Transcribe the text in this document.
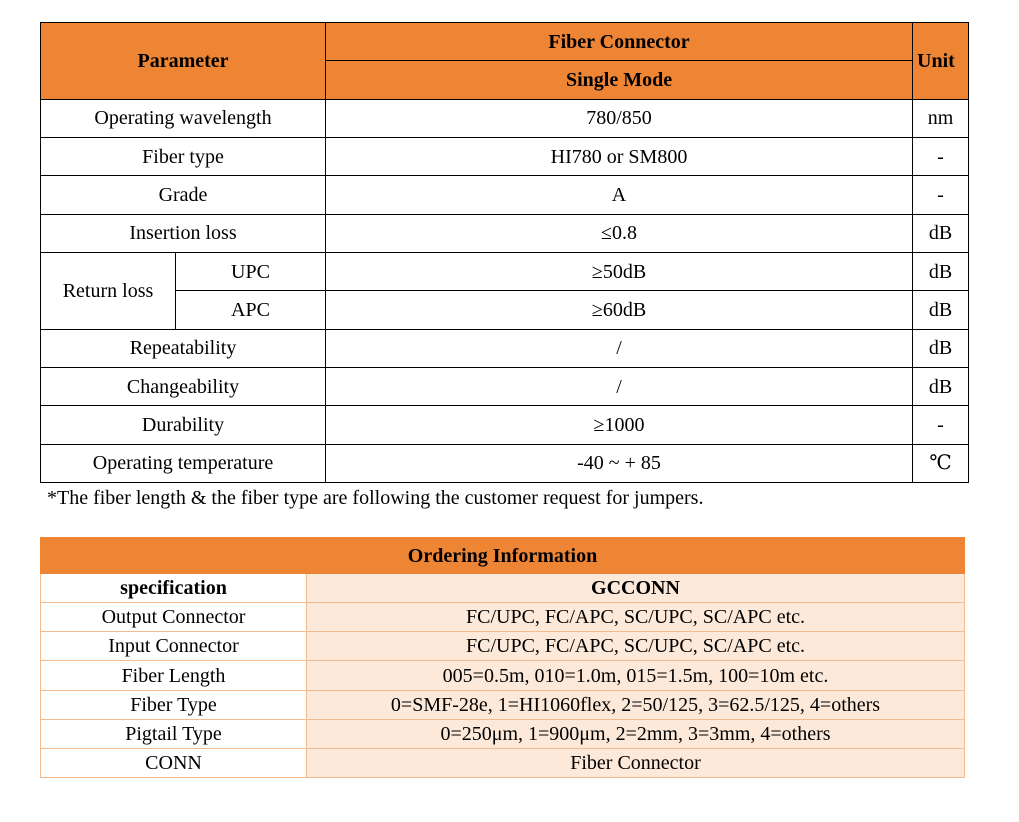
Parameter		Fiber Connector	Unit
		Single Mode	
Operating wavelength		780/850	nm
Fiber type		HI780 or SM800	-
Grade		A	-
Insertion loss		≤0.8	dB
Return loss	UPC	≥50dB	dB
	APC	≥60dB	dB
Repeatability		/	dB
Changeability		/	dB
Durability		≥1000	-
Operating temperature		-40 ~ + 85	℃
*The fiber length & the fiber type are following the customer request for jumpers.
Ordering Information	
specification	GCCONN
Output Connector	FC/UPC, FC/APC, SC/UPC, SC/APC etc.
Input Connector	FC/UPC, FC/APC, SC/UPC, SC/APC etc.
Fiber Length	005=0.5m, 010=1.0m, 015=1.5m, 100=10m etc.
Fiber Type	0=SMF-28e, 1=HI1060flex, 2=50/125, 3=62.5/125, 4=others
Pigtail Type	0=250μm, 1=900μm, 2=2mm, 3=3mm, 4=others
CONN	Fiber Connector
